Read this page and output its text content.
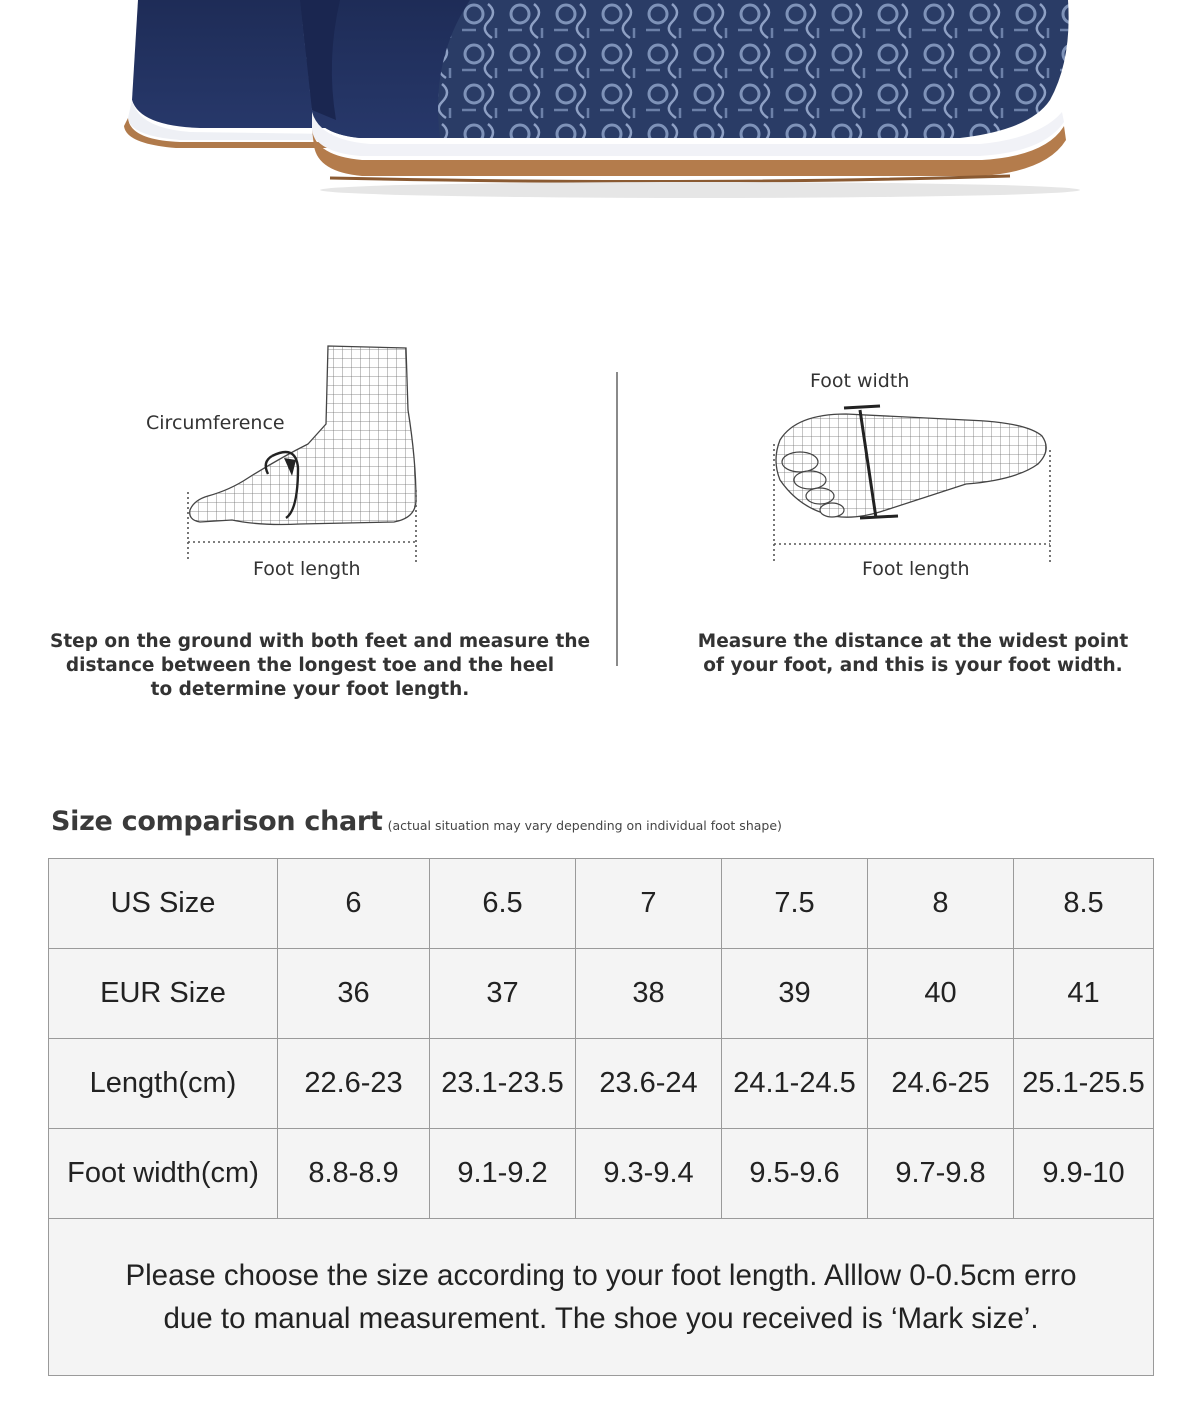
Circumference
Foot length
Step on the ground with both feet and measure the
distance between the longest toe and the heel
to determine your foot length.
Foot width
Foot length
Measure the distance at the widest point
of your foot, and this is your foot width.
Size comparison chart (actual situation may vary depending on individual foot shape)
US Size	6	6.5	7	7.5	8	8.5
EUR Size	36	37	38	39	40	41
Length(cm)	22.6-23	23.1-23.5	23.6-24	24.1-24.5	24.6-25	25.1-25.5
Foot width(cm)	8.8-8.9	9.1-9.2	9.3-9.4	9.5-9.6	9.7-9.8	9.9-10

Please choose the size according to your foot length. Alllow 0-0.5cm erro
due to manual measurement. The shoe you received is ‘Mark size’.						
